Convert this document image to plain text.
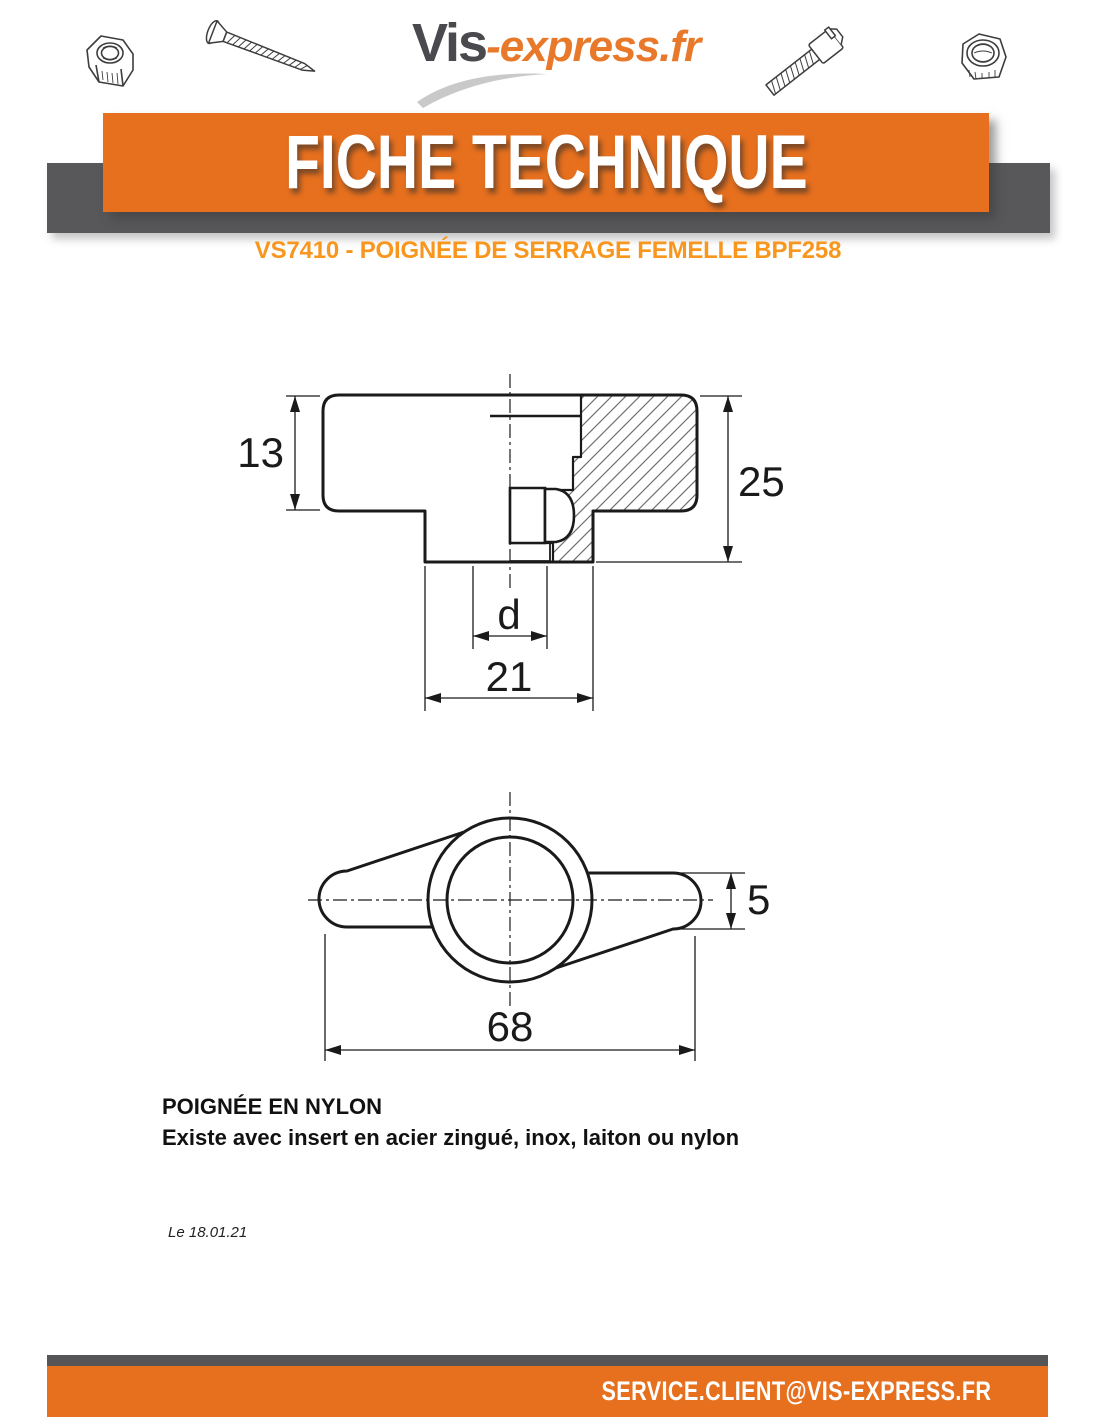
Vis-express.fr
FICHE TECHNIQUE
VS7410 - POIGNÉE DE SERRAGE FEMELLE BPF258
13
25
d
21
5
68
POIGNÉE EN NYLON
Existe avec insert en acier zingué, inox, laiton ou nylon
Le 18.01.21
SERVICE.CLIENT@VIS-EXPRESS.FR
